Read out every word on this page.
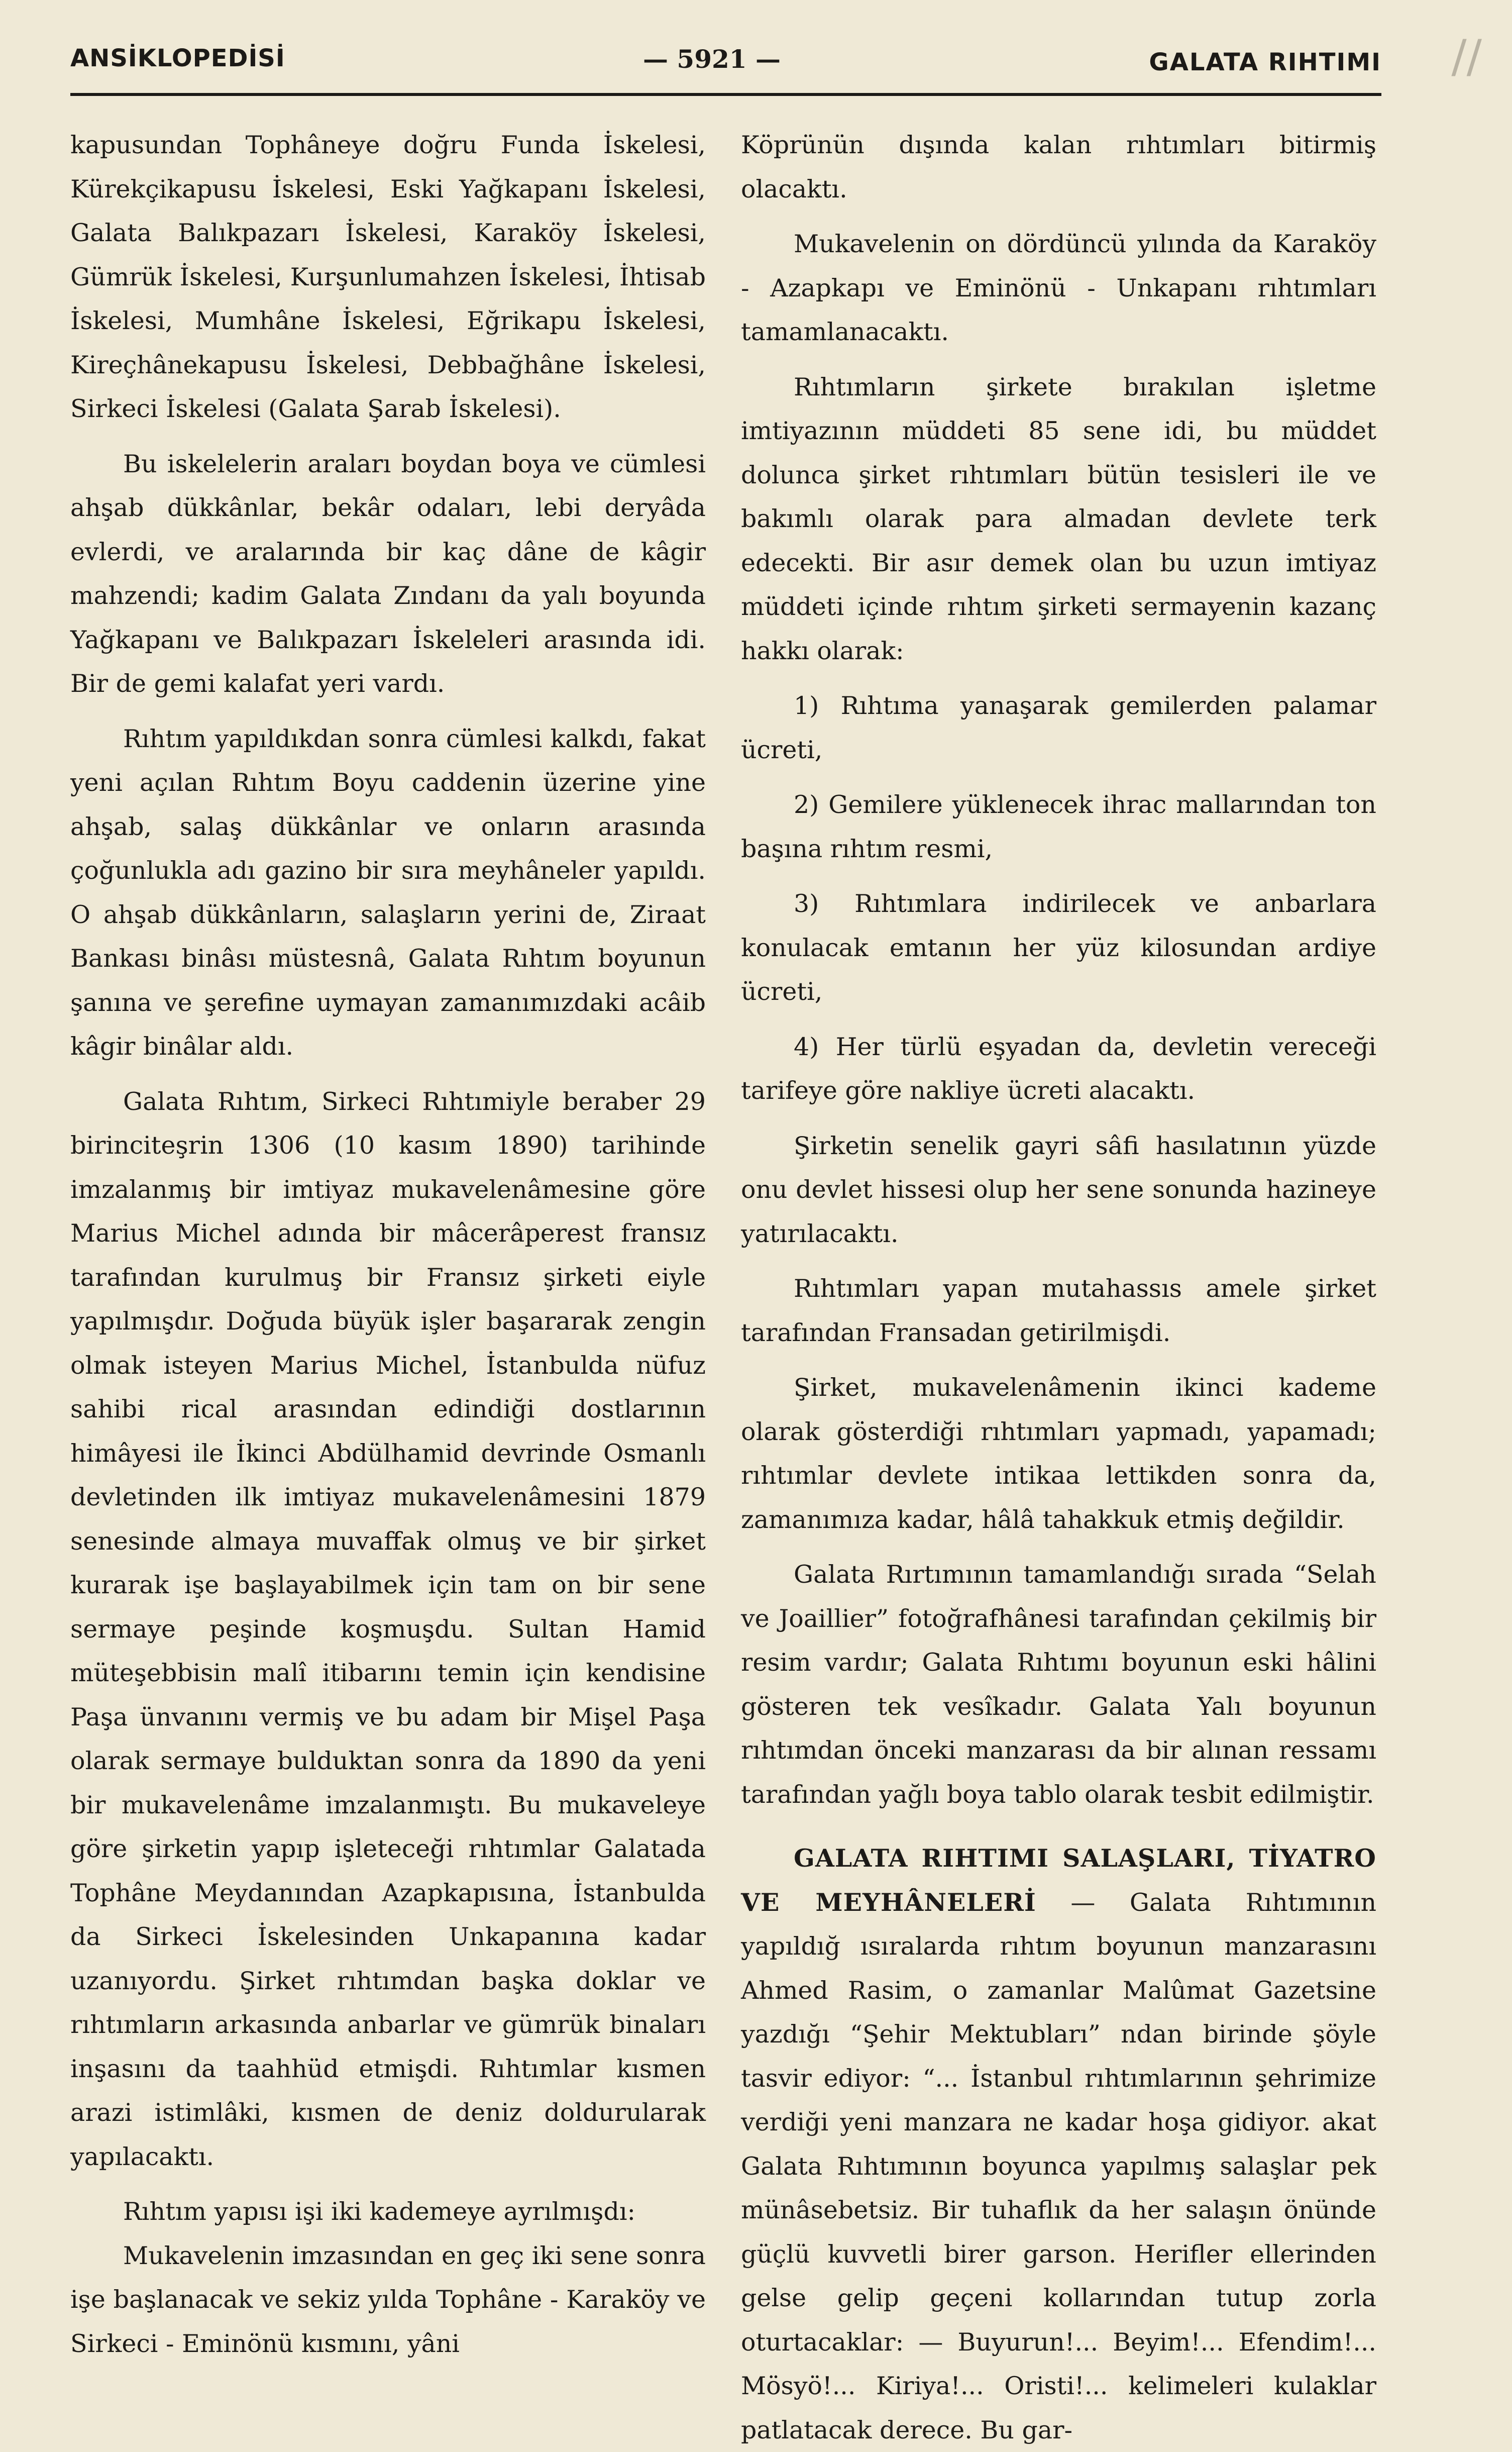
ANSİKLOPEDİSİ	— 5921 —	GALATA RIHTIMI //

kapusundan Tophâneye doğru Funda İskelesi, Kürekçikapusu İskelesi, Eski Yağkapanı İskelesi, Galata Balıkpazarı İskelesi, Karaköy İskelesi, Gümrük İskelesi, Kurşunlumahzen İskelesi, İhtisab İskelesi, Mumhâne İskelesi, Eğrikapu İskelesi, Kireçhânekapusu İskelesi, Debbağhâne İskelesi, Sirkeci İskelesi (Galata Şarab İskelesi).

Bu iskelelerin araları boydan boya ve cümlesi ahşab dükkânlar, bekâr odaları, lebi deryâda evlerdi, ve aralarında bir kaç dâne de kâgir mahzendi; kadim Galata Zındanı da yalı boyunda Yağkapanı ve Balıkpazarı İskeleleri arasında idi. Bir de gemi kalafat yeri vardı.

Rıhtım yapıldıkdan sonra cümlesi kalkdı, fakat yeni açılan Rıhtım Boyu caddenin üzerine yine ahşab, salaş dükkânlar ve onların arasında çoğunlukla adı gazino bir sıra meyhâneler yapıldı. O ahşab dükkânların, salaşların yerini de, Ziraat Bankası binâsı müstesnâ, Galata Rıhtım boyunun şanına ve şerefine uymayan zamanımızdaki acâib kâgir binâlar aldı.

Galata Rıhtım, Sirkeci Rıhtımiyle beraber 29 birinciteşrin 1306 (10 kasım 1890) tarihinde imzalanmış bir imtiyaz mukavelenâmesine göre Marius Michel adında bir mâcerâperest fransız tarafından kurulmuş bir Fransız şirketi eiyle yapılmışdır. Doğuda büyük işler başararak zengin olmak isteyen Marius Michel, İstanbulda nüfuz sahibi rical arasından edindiği dostlarının himâyesi ile İkinci Abdülhamid devrinde Osmanlı devletinden ilk imtiyaz mukavelenâmesini 1879 senesinde almaya muvaffak olmuş ve bir şirket kurarak işe başlayabilmek için tam on bir sene sermaye peşinde koşmuşdu. Sultan Hamid müteşebbisin malî itibarını temin için kendisine Paşa ünvanını vermiş ve bu adam bir Mişel Paşa olarak sermaye bulduktan sonra da 1890 da yeni bir mukavelenâme imzalanmıştı. Bu mukaveleye göre şirketin yapıp işleteceği rıhtımlar Galatada Tophâne Meydanından Azapkapısına, İstanbulda da Sirkeci İskelesinden Unkapanına kadar uzanıyordu. Şirket rıhtımdan başka doklar ve rıhtımların arkasında anbarlar ve gümrük binaları inşasını da taahhüd etmişdi. Rıhtımlar kısmen arazi istimlâki, kısmen de deniz doldurularak yapılacaktı.

Rıhtım yapısı işi iki kademeye ayrılmışdı:

Mukavelenin imzasından en geç iki sene sonra işe başlanacak ve sekiz yılda Tophâne - Karaköy ve Sirkeci - Eminönü kısmını, yâni

Köprünün dışında kalan rıhtımları bitirmiş olacaktı.

Mukavelenin on dördüncü yılında da Karaköy - Azapkapı ve Eminönü - Unkapanı rıhtımları tamamlanacaktı.

Rıhtımların şirkete bırakılan işletme imtiyazının müddeti 85 sene idi, bu müddet dolunca şirket rıhtımları bütün tesisleri ile ve bakımlı olarak para almadan devlete terk edecekti. Bir asır demek olan bu uzun imtiyaz müddeti içinde rıhtım şirketi sermayenin kazanç hakkı olarak:

1) Rıhtıma yanaşarak gemilerden palamar ücreti,

2) Gemilere yüklenecek ihrac mallarından ton başına rıhtım resmi,

3) Rıhtımlara indirilecek ve anbarlara konulacak emtanın her yüz kilosundan ardiye ücreti,

4) Her türlü eşyadan da, devletin vereceği tarifeye göre nakliye ücreti alacaktı.

Şirketin senelik gayri sâfi hasılatının yüzde onu devlet hissesi olup her sene sonunda hazineye yatırılacaktı.

Rıhtımları yapan mutahassıs amele şirket tarafından Fransadan getirilmişdi.

Şirket, mukavelenâmenin ikinci kademe olarak gösterdiği rıhtımları yapmadı, yapamadı; rıhtımlar devlete intikaa lettikden sonra da, zamanımıza kadar, hâlâ tahakkuk etmiş değildir.

Galata Rırtımının tamamlandığı sırada “Selah ve Joaillier” fotoğrafhânesi tarafından çekilmiş bir resim vardır; Galata Rıhtımı boyunun eski hâlini gösteren tek vesîkadır. Galata Yalı boyunun rıhtımdan önceki manzarası da bir alınan ressamı tarafından yağlı boya tablo olarak tesbit edilmiştir.

GALATA RIHTIMI SALAŞLARI, TİYATRO VE MEYHÂNELERİ — Galata Rıhtımının yapıldığ ısıralarda rıhtım boyunun manzarasını Ahmed Rasim, o zamanlar Malûmat Gazetsine yazdığı “Şehir Mektubları” ndan birinde şöyle tasvir ediyor: “... İstanbul rıhtımlarının şehrimize verdiği yeni manzara ne kadar hoşa gidiyor. akat Galata Rıhtımının boyunca yapılmış salaşlar pek münâsebetsiz. Bir tuhaflık da her salaşın önünde güçlü kuvvetli birer garson. Herifler ellerinden gelse gelip geçeni kollarından tutup zorla oturtacaklar: — Buyurun!... Beyim!... Efendim!... Mösyö!... Kiriya!... Oristi!... kelimeleri kulaklar patlatacak derece. Bu gar-
